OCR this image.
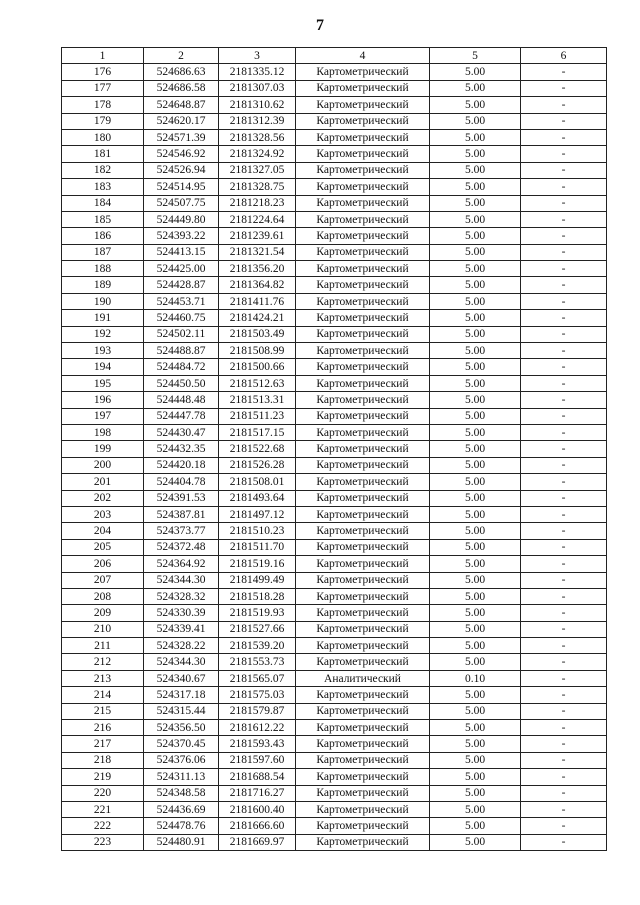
7
1	2	3	4	5	6
176	524686.63	2181335.12	Картометрический	5.00	-
177	524686.58	2181307.03	Картометрический	5.00	-
178	524648.87	2181310.62	Картометрический	5.00	-
179	524620.17	2181312.39	Картометрический	5.00	-
180	524571.39	2181328.56	Картометрический	5.00	-
181	524546.92	2181324.92	Картометрический	5.00	-
182	524526.94	2181327.05	Картометрический	5.00	-
183	524514.95	2181328.75	Картометрический	5.00	-
184	524507.75	2181218.23	Картометрический	5.00	-
185	524449.80	2181224.64	Картометрический	5.00	-
186	524393.22	2181239.61	Картометрический	5.00	-
187	524413.15	2181321.54	Картометрический	5.00	-
188	524425.00	2181356.20	Картометрический	5.00	-
189	524428.87	2181364.82	Картометрический	5.00	-
190	524453.71	2181411.76	Картометрический	5.00	-
191	524460.75	2181424.21	Картометрический	5.00	-
192	524502.11	2181503.49	Картометрический	5.00	-
193	524488.87	2181508.99	Картометрический	5.00	-
194	524484.72	2181500.66	Картометрический	5.00	-
195	524450.50	2181512.63	Картометрический	5.00	-
196	524448.48	2181513.31	Картометрический	5.00	-
197	524447.78	2181511.23	Картометрический	5.00	-
198	524430.47	2181517.15	Картометрический	5.00	-
199	524432.35	2181522.68	Картометрический	5.00	-
200	524420.18	2181526.28	Картометрический	5.00	-
201	524404.78	2181508.01	Картометрический	5.00	-
202	524391.53	2181493.64	Картометрический	5.00	-
203	524387.81	2181497.12	Картометрический	5.00	-
204	524373.77	2181510.23	Картометрический	5.00	-
205	524372.48	2181511.70	Картометрический	5.00	-
206	524364.92	2181519.16	Картометрический	5.00	-
207	524344.30	2181499.49	Картометрический	5.00	-
208	524328.32	2181518.28	Картометрический	5.00	-
209	524330.39	2181519.93	Картометрический	5.00	-
210	524339.41	2181527.66	Картометрический	5.00	-
211	524328.22	2181539.20	Картометрический	5.00	-
212	524344.30	2181553.73	Картометрический	5.00	-
213	524340.67	2181565.07	Аналитический	0.10	-
214	524317.18	2181575.03	Картометрический	5.00	-
215	524315.44	2181579.87	Картометрический	5.00	-
216	524356.50	2181612.22	Картометрический	5.00	-
217	524370.45	2181593.43	Картометрический	5.00	-
218	524376.06	2181597.60	Картометрический	5.00	-
219	524311.13	2181688.54	Картометрический	5.00	-
220	524348.58	2181716.27	Картометрический	5.00	-
221	524436.69	2181600.40	Картометрический	5.00	-
222	524478.76	2181666.60	Картометрический	5.00	-
223	524480.91	2181669.97	Картометрический	5.00	-
